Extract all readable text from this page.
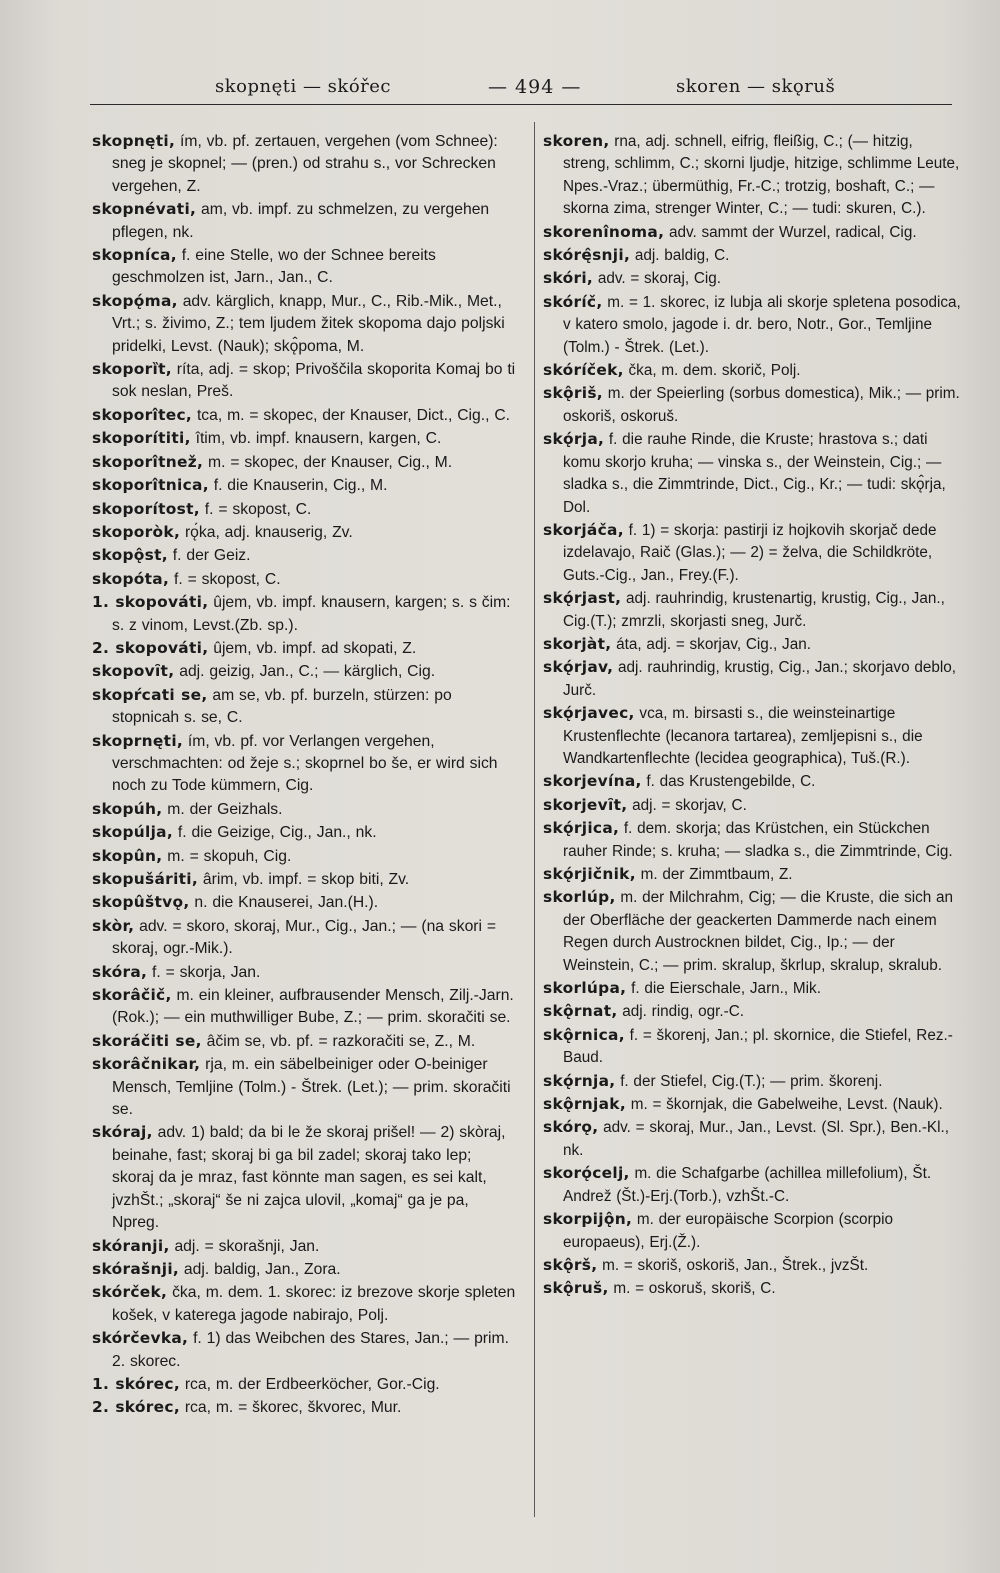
skopnęti — skóřec	— 494 —	skoren — skǫruš

skopnęti, ím, vb. pf. zertauen, vergehen (vom Schnee): sneg je skopnel; — (pren.) od strahu s., vor Schrecken vergehen, Z.

skopnévati, am, vb. impf. zu schmelzen, zu vergehen pflegen, nk.

skopníca, f. eine Stelle, wo der Schnee bereits geschmolzen ist, Jarn., Jan., C.

skopǫ́ma, adv. kärglich, knapp, Mur., C., Rib.-Mik., Met., Vrt.; s. živimo, Z.; tem ljudem žitek skopoma dajo poljski pridelki, Levst. (Nauk); skǫ̂poma, M.

skoporȉt, ríta, adj. = skop; Privoščila skoporita Komaj bo ti sok neslan, Preš.

skoporîtec, tca, m. = skopec, der Knauser, Dict., Cig., C.

skoporítiti, îtim, vb. impf. knausern, kargen, C.

skoporîtnež, m. = skopec, der Knauser, Cig., M.

skoporîtnica, f. die Knauserin, Cig., M.

skoporítost, f. = skopost, C.

skoporòk, rǫ́ka, adj. knauserig, Zv.

skopǫ̂st, f. der Geiz.

skopóta, f. = skopost, C.

1. skopováti, ûjem, vb. impf. knausern, kargen; s. s čim: s. z vinom, Levst.(Zb. sp.).

2. skopováti, ûjem, vb. impf. ad skopati, Z.

skopovȋt, adj. geizig, Jan., C.; — kärglich, Cig.

skopŕcati se, am se, vb. pf. burzeln, stürzen: po stopnicah s. se, C.

skoprnęti, ím, vb. pf. vor Verlangen vergehen, verschmachten: od žeje s.; skoprnel bo še, er wird sich noch zu Tode kümmern, Cig.

skopúh, m. der Geizhals.

skopúlja, f. die Geizige, Cig., Jan., nk.

skopûn, m. = skopuh, Cig.

skopušáriti, ârim, vb. impf. = skop biti, Zv.

skopûštvǫ, n. die Knauserei, Jan.(H.).

skòr, adv. = skoro, skoraj, Mur., Cig., Jan.; — (na skori = skoraj, ogr.-Mik.).

skóra, f. = skorja, Jan.

skorâčič, m. ein kleiner, aufbrausender Mensch, Zilj.-Jarn.(Rok.); — ein muthwilliger Bube, Z.; — prim. skoračiti se.

skoráčiti se, âčim se, vb. pf. = razkoračiti se, Z., M.

skorâčnikar, rja, m. ein säbelbeiniger oder O-beiniger Mensch, Temljine (Tolm.) - Štrek. (Let.); — prim. skoračiti se.

skóraj, adv. 1) bald; da bi le že skoraj prišel! — 2) skòraj, beinahe, fast; skoraj bi ga bil zadel; skoraj tako lep; skoraj da je mraz, fast könnte man sagen, es sei kalt, jvzhŠt.; „skoraj“ še ni zajca ulovil, „komaj“ ga je pa, Npreg.

skóranji, adj. = skorašnji, Jan.

skórašnji, adj. baldig, Jan., Zora.

skórček, čka, m. dem. 1. skorec: iz brezove skorje spleten košek, v katerega jagode nabirajo, Polj.

skórčevka, f. 1) das Weibchen des Stares, Jan.; — prim. 2. skorec.

1. skórec, rca, m. der Erdbeerköcher, Gor.-Cig.

2. skórec, rca, m. = škorec, škvorec, Mur.

skoren, rna, adj. schnell, eifrig, fleißig, C.; (— hitzig, streng, schlimm, C.; skorni ljudje, hitzige, schlimme Leute, Npes.-Vraz.; übermüthig, Fr.-C.; trotzig, boshaft, C.; — skorna zima, strenger Winter, C.; — tudi: skuren, C.).

skorenînoma, adv. sammt der Wurzel, radical, Cig.

skórę̂snji, adj. baldig, C.

skóri, adv. = skoraj, Cig.

skóríč, m. = 1. skorec, iz lubja ali skorje spletena posodica, v katero smolo, jagode i. dr. bero, Notr., Gor., Temljine (Tolm.) - Štrek. (Let.).

skóríček, čka, m. dem. skorič, Polj.

skǫ̂riš, m. der Speierling (sorbus domestica), Mik.; — prim. oskoriš, oskoruš.

skǫ́rja, f. die rauhe Rinde, die Kruste; hrastova s.; dati komu skorjo kruha; — vinska s., der Weinstein, Cig.; — sladka s., die Zimmtrinde, Dict., Cig., Kr.; — tudi: skǫ̂rja, Dol.

skorjáča, f. 1) = skorja: pastirji iz hojkovih skorjač dede izdelavajo, Raič (Glas.); — 2) = želva, die Schildkröte, Guts.-Cig., Jan., Frey.(F.).

skǫ́rjast, adj. rauhrindig, krustenartig, krustig, Cig., Jan., Cig.(T.); zmrzli, skorjasti sneg, Jurč.

skorjàt, áta, adj. = skorjav, Cig., Jan.

skǫ́rjav, adj. rauhrindig, krustig, Cig., Jan.; skorjavo deblo, Jurč.

skǫ́rjavec, vca, m. birsasti s., die weinsteinartige Krustenflechte (lecanora tartarea), zemljepisni s., die Wandkartenflechte (lecidea geographica), Tuš.(R.).

skorjevína, f. das Krustengebilde, C.

skorjevȋt, adj. = skorjav, C.

skǫ́rjica, f. dem. skorja; das Krüstchen, ein Stückchen rauher Rinde; s. kruha; — sladka s., die Zimmtrinde, Cig.

skǫ́rjičnik, m. der Zimmtbaum, Z.

skorlúp, m. der Milchrahm, Cig; — die Kruste, die sich an der Oberfläche der geackerten Dammerde nach einem Regen durch Austrocknen bildet, Cig., Ip.; — der Weinstein, C.; — prim. skralup, škrlup, skralup, skralub.

skorlúpa, f. die Eierschale, Jarn., Mik.

skǫ̂rnat, adj. rindig, ogr.-C.

skǫ̂rnica, f. = škorenj, Jan.; pl. skornice, die Stiefel, Rez.-Baud.

skǫ́rnja, f. der Stiefel, Cig.(T.); — prim. škorenj.

skǫ̂rnjak, m. = škornjak, die Gabelweihe, Levst. (Nauk).

skórǫ, adv. = skoraj, Mur., Jan., Levst. (Sl. Spr.), Ben.-Kl., nk.

skorǫ́celj, m. die Schafgarbe (achillea millefolium), Št. Andrež (Št.)-Erj.(Torb.), vzhŠt.-C.

skorpijǫ̂n, m. der europäische Scorpion (scorpio europaeus), Erj.(Ž.).

skǫ̂rš, m. = skoriš, oskoriš, Jan., Štrek., jvzŠt.

skǫ̂ruš, m. = oskoruš, skoriš, C.
